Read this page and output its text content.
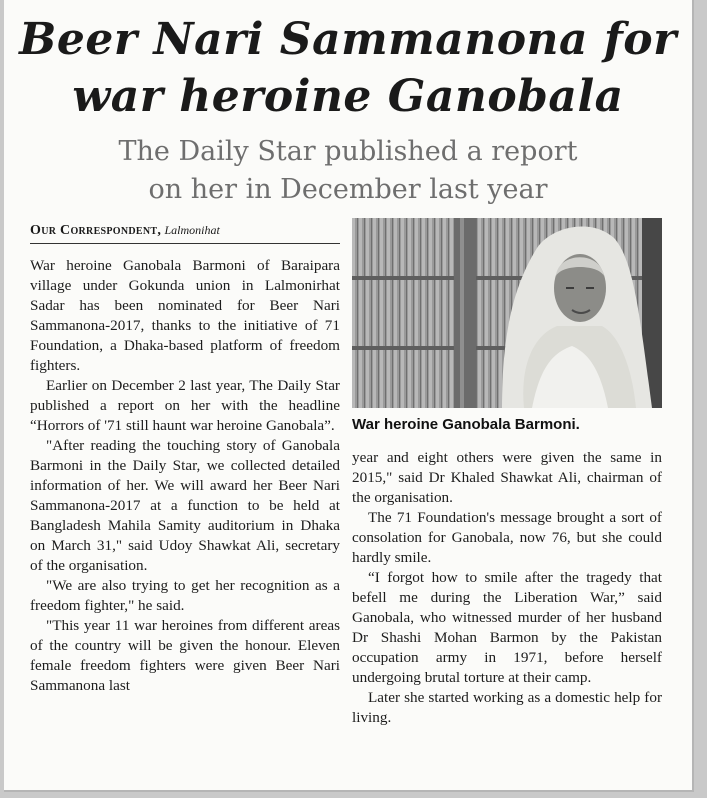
Beer Nari Sammanona for
war heroine Ganobala
The Daily Star published a report
on her in December last year
Our Correspondent, Lalmonihat

War heroine Ganobala Barmoni of Baraipara village under Gokunda union in Lalmonirhat Sadar has been nominated for Beer Nari Sammanona-2017, thanks to the initiative of 71 Foundation, a Dhaka-based platform of freedom fighters.

Earlier on December 2 last year, The Daily Star published a report on her with the headline “Horrors of '71 still haunt war heroine Ganobala”.

"After reading the touching story of Ganobala Barmoni in the Daily Star, we collected detailed information of her. We will award her Beer Nari Sammanona-2017 at a function to be held at Bangladesh Mahila Samity auditorium in Dhaka on March 31," said Udoy Shawkat Ali, secretary of the organisation.

"We are also trying to get her recognition as a freedom fighter," he said.

"This year 11 war heroines from different areas of the country will be given the honour. Eleven female freedom fighters were given Beer Nari Sammanona last

War heroine Ganobala Barmoni.

year and eight others were given the same in 2015," said Dr Khaled Shawkat Ali, chairman of the organisation.

The 71 Foundation's message brought a sort of consolation for Ganobala, now 76, but she could hardly smile.

“I forgot how to smile after the tragedy that befell me during the Liberation War,” said Ganobala, who witnessed murder of her husband Dr Shashi Mohan Barmon by the Pakistan occupation army in 1971, before herself undergoing brutal torture at their camp.

Later she started working as a domestic help for living.
